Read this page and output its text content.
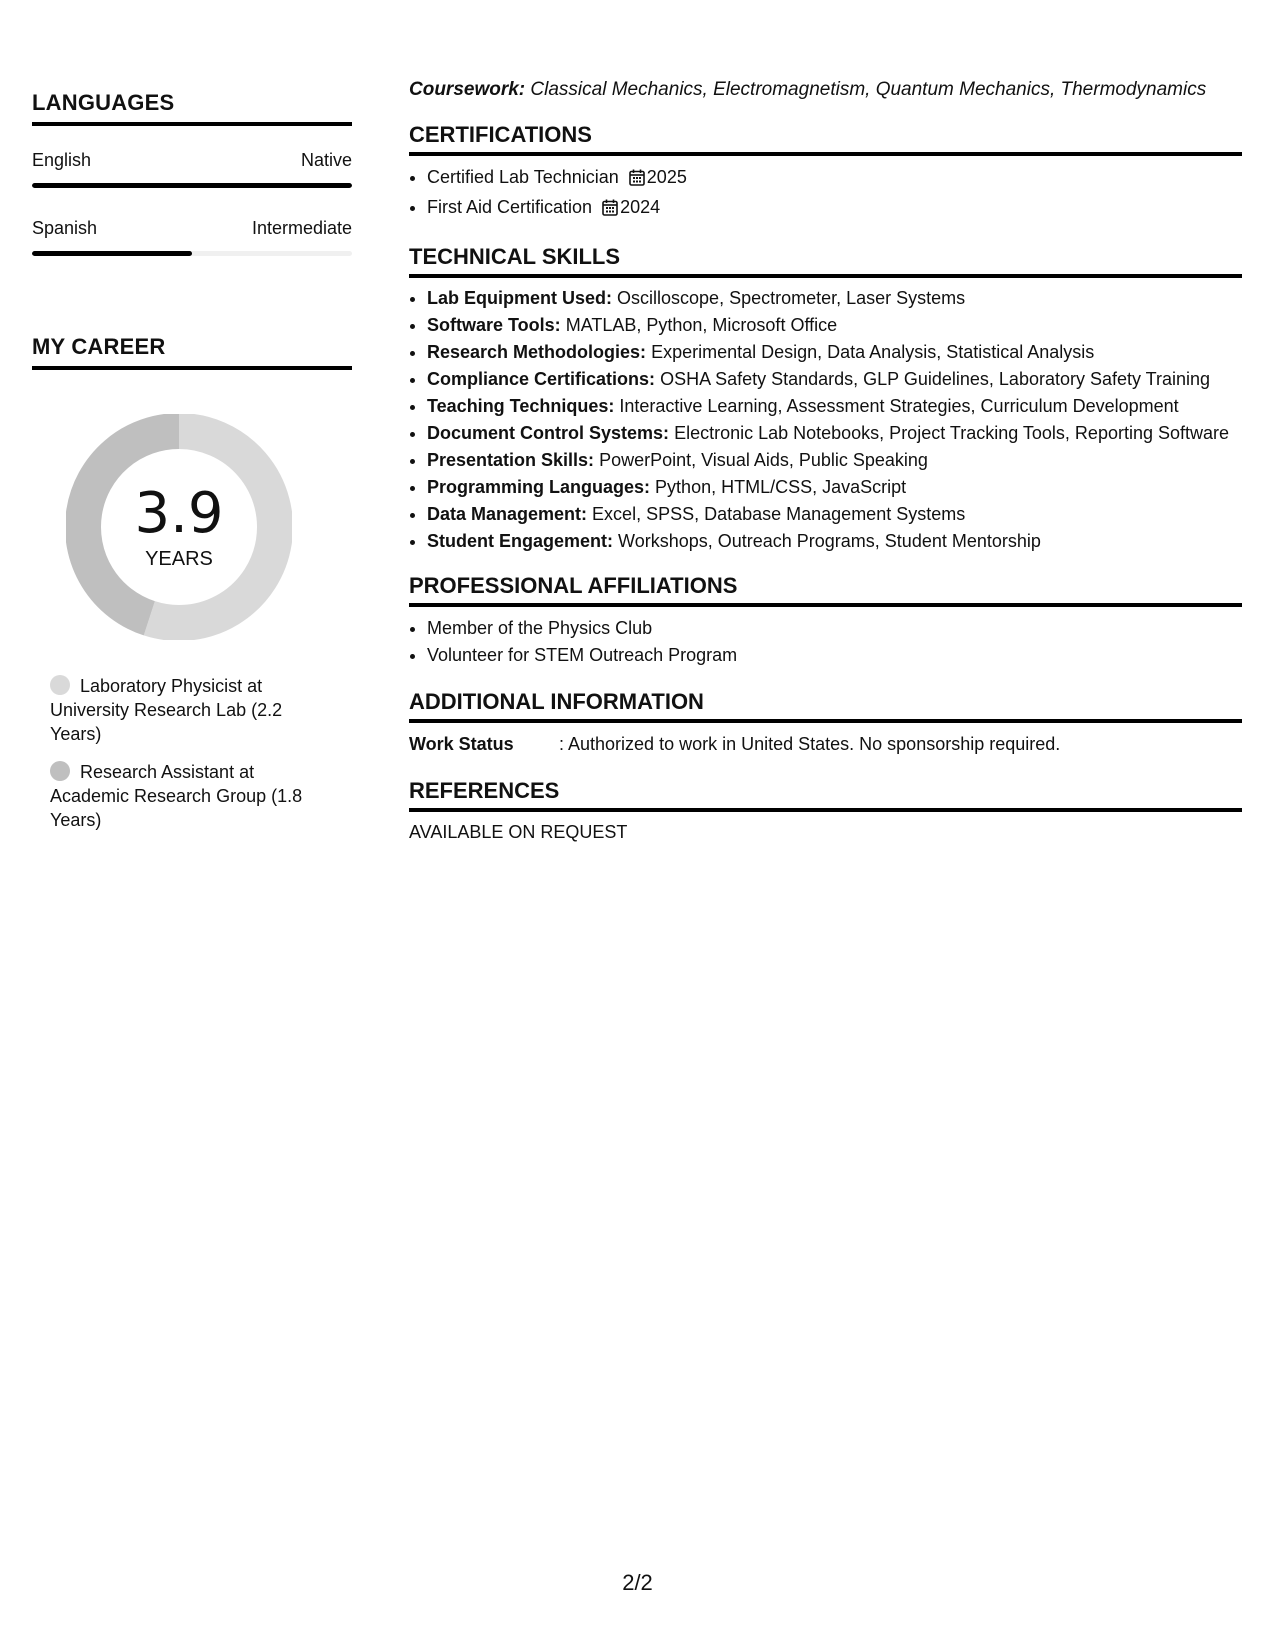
LANGUAGES
English	Native
Spanish	Intermediate
MY CAREER
3.9
YEARS
Laboratory Physicist at University Research Lab (2.2 Years)
Research Assistant at Academic Research Group (1.8 Years)

Coursework: Classical Mechanics, Electromagnetism, Quantum Mechanics, Thermodynamics

CERTIFICATIONS
• Certified Lab Technician 2025
• First Aid Certification 2024
TECHNICAL SKILLS
• Lab Equipment Used: Oscilloscope, Spectrometer, Laser Systems
• Software Tools: MATLAB, Python, Microsoft Office
• Research Methodologies: Experimental Design, Data Analysis, Statistical Analysis
• Compliance Certifications: OSHA Safety Standards, GLP Guidelines, Laboratory Safety Training
• Teaching Techniques: Interactive Learning, Assessment Strategies, Curriculum Development
• Document Control Systems: Electronic Lab Notebooks, Project Tracking Tools, Reporting Software
• Presentation Skills: PowerPoint, Visual Aids, Public Speaking
• Programming Languages: Python, HTML/CSS, JavaScript
• Data Management: Excel, SPSS, Database Management Systems
• Student Engagement: Workshops, Outreach Programs, Student Mentorship
PROFESSIONAL AFFILIATIONS
• Member of the Physics Club
• Volunteer for STEM Outreach Program
ADDITIONAL INFORMATION
Work Status	: Authorized to work in United States. No sponsorship required.
REFERENCES
AVAILABLE ON REQUEST
2/2
